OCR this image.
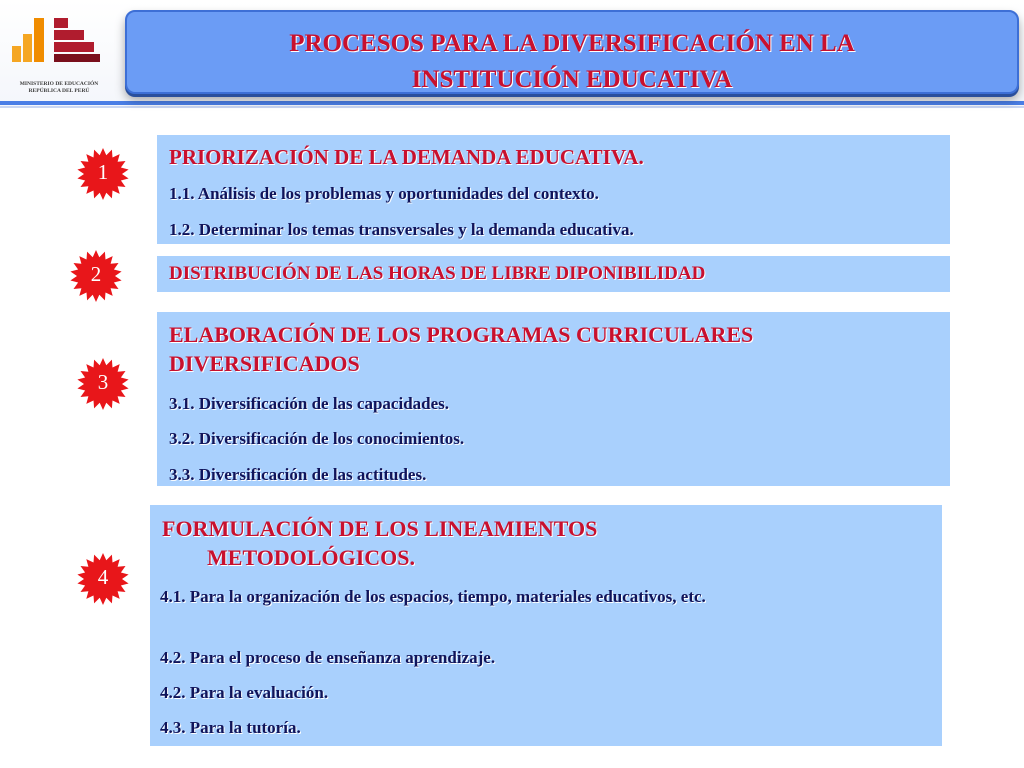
MINISTERIO DE EDUCACIÓN
REPÚBLICA DEL PERÚ
PROCESOS PARA LA DIVERSIFICACIÓN EN LA
INSTITUCIÓN EDUCATIVA
1
2
3
4
PRIORIZACIÓN DE LA DEMANDA EDUCATIVA.
1.1. Análisis de los problemas y oportunidades del contexto.
1.2. Determinar los temas transversales y la demanda educativa.
DISTRIBUCIÓN DE LAS HORAS DE LIBRE DIPONIBILIDAD
ELABORACIÓN DE LOS PROGRAMAS CURRICULARES DIVERSIFICADOS
3.1. Diversificación de las capacidades.
3.2. Diversificación de los conocimientos.
3.3. Diversificación de las actitudes.
FORMULACIÓN DE LOS LINEAMIENTOS METODOLÓGICOS.
4.1. Para la organización de los espacios, tiempo, materiales educativos, etc.
4.2. Para el proceso de enseñanza aprendizaje.
4.2. Para la evaluación.
4.3. Para la tutoría.
